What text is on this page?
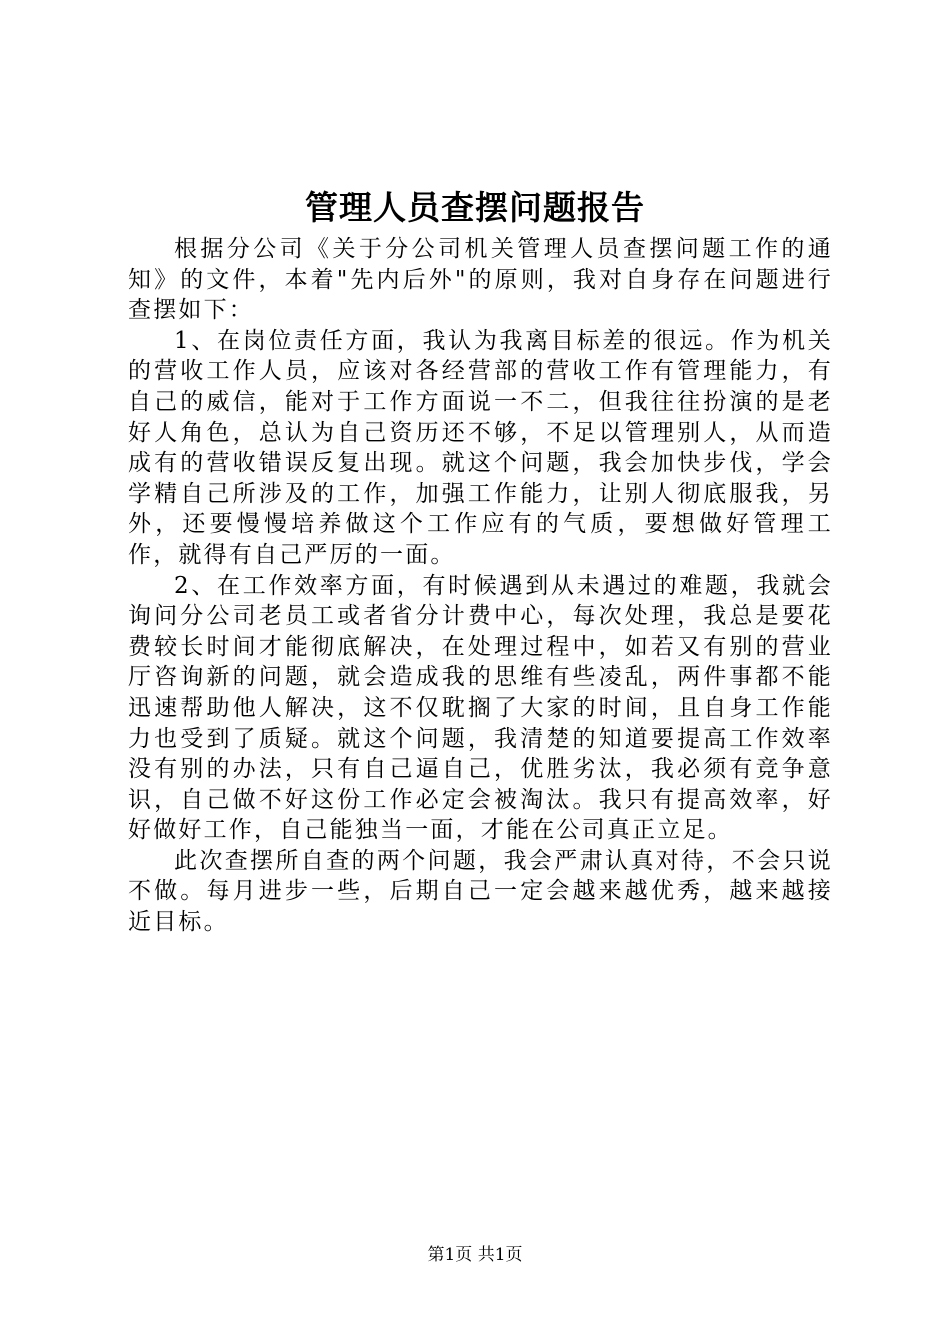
管理人员查摆问题报告

根据分公司《关于分公司机关管理人员查摆问题工作的通知》的文件，本着"先内后外"的原则，我对自身存在问题进行查摆如下：

1、在岗位责任方面，我认为我离目标差的很远。作为机关的营收工作人员，应该对各经营部的营收工作有管理能力，有自己的威信，能对于工作方面说一不二，但我往往扮演的是老好人角色，总认为自己资历还不够，不足以管理别人，从而造成有的营收错误反复出现。就这个问题，我会加快步伐，学会学精自己所涉及的工作，加强工作能力，让别人彻底服我，另外，还要慢慢培养做这个工作应有的气质，要想做好管理工作，就得有自己严厉的一面。

2、在工作效率方面，有时候遇到从未遇过的难题，我就会询问分公司老员工或者省分计费中心，每次处理，我总是要花费较长时间才能彻底解决，在处理过程中，如若又有别的营业厅咨询新的问题，就会造成我的思维有些凌乱，两件事都不能迅速帮助他人解决，这不仅耽搁了大家的时间，且自身工作能力也受到了质疑。就这个问题，我清楚的知道要提高工作效率没有别的办法，只有自己逼自己，优胜劣汰，我必须有竞争意识，自己做不好这份工作必定会被淘汰。我只有提高效率，好好做好工作，自己能独当一面，才能在公司真正立足。

此次查摆所自查的两个问题，我会严肃认真对待，不会只说不做。每月进步一些，后期自己一定会越来越优秀，越来越接近目标。

第1页 共1页
